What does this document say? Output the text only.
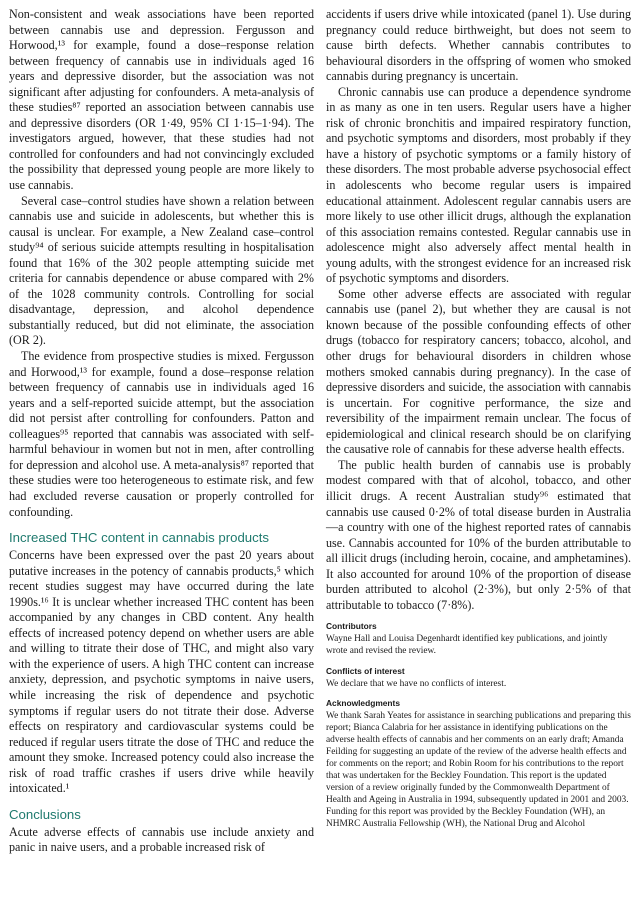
Non-consistent and weak associations have been reported between cannabis use and depression. Fergusson and Horwood,¹³ for example, found a dose–response relation between frequency of cannabis use in individuals aged 16 years and depressive disorder, but the association was not significant after adjusting for confounders. A meta-analysis of these studies⁸⁷ reported an association between cannabis use and depressive disorders (OR 1·49, 95% CI 1·15–1·94). The investigators argued, however, that these studies had not controlled for confounders and had not convincingly excluded the possibility that depressed young people are more likely to use cannabis.

Several case–control studies have shown a relation between cannabis use and suicide in adolescents, but whether this is causal is unclear. For example, a New Zealand case–control study⁹⁴ of serious suicide attempts resulting in hospitalisation found that 16% of the 302 people attempting suicide met criteria for cannabis dependence or abuse compared with 2% of the 1028 community controls. Controlling for social disadvantage, depression, and alcohol dependence substantially reduced, but did not eliminate, the association (OR 2).

The evidence from prospective studies is mixed. Fergusson and Horwood,¹³ for example, found a dose–response relation between frequency of cannabis use in individuals aged 16 years and a self-reported suicide attempt, but the association did not persist after controlling for confounders. Patton and colleagues⁹⁵ reported that cannabis was associated with self-harmful behaviour in women but not in men, after controlling for depression and alcohol use. A meta-analysis⁸⁷ reported that these studies were too heterogeneous to estimate risk, and few had excluded reverse causation or properly controlled for confounding.

Increased THC content in cannabis products

Concerns have been expressed over the past 20 years about putative increases in the potency of cannabis products,⁵ which recent studies suggest may have occurred during the late 1990s.¹⁶ It is unclear whether increased THC content has been accompanied by any changes in CBD content. Any health effects of increased potency depend on whether users are able and willing to titrate their dose of THC, and might also vary with the experience of users. A high THC content can increase anxiety, depression, and psychotic symptoms in naive users, while increasing the risk of dependence and psychotic symptoms if regular users do not titrate their dose. Adverse effects on respiratory and cardiovascular systems could be reduced if regular users titrate the dose of THC and reduce the amount they smoke. Increased potency could also increase the risk of road traffic crashes if users drive while heavily intoxicated.¹

Conclusions

Acute adverse effects of cannabis use include anxiety and panic in naive users, and a probable increased risk of

accidents if users drive while intoxicated (panel 1). Use during pregnancy could reduce birthweight, but does not seem to cause birth defects. Whether cannabis contributes to behavioural disorders in the offspring of women who smoked cannabis during pregnancy is uncertain.

Chronic cannabis use can produce a dependence syndrome in as many as one in ten users. Regular users have a higher risk of chronic bronchitis and impaired respiratory function, and psychotic symptoms and disorders, most probably if they have a history of psychotic symptoms or a family history of these disorders. The most probable adverse psychosocial effect in adolescents who become regular users is impaired educational attainment. Adolescent regular cannabis users are more likely to use other illicit drugs, although the explanation of this association remains contested. Regular cannabis use in adolescence might also adversely affect mental health in young adults, with the strongest evidence for an increased risk of psychotic symptoms and disorders.

Some other adverse effects are associated with regular cannabis use (panel 2), but whether they are causal is not known because of the possible confounding effects of other drugs (tobacco for respiratory cancers; tobacco, alcohol, and other drugs for behavioural disorders in children whose mothers smoked cannabis during pregnancy). In the case of depressive disorders and suicide, the association with cannabis is uncertain. For cognitive performance, the size and reversibility of the impairment remain unclear. The focus of epidemiological and clinical research should be on clarifying the causative role of cannabis for these adverse health effects.

The public health burden of cannabis use is probably modest compared with that of alcohol, tobacco, and other illicit drugs. A recent Australian study⁹⁶ estimated that cannabis use caused 0·2% of total disease burden in Australia—a country with one of the highest reported rates of cannabis use. Cannabis accounted for 10% of the burden attributable to all illicit drugs (including heroin, cocaine, and amphetamines). It also accounted for around 10% of the proportion of disease burden attributed to alcohol (2·3%), but only 2·5% of that attributable to tobacco (7·8%).

Contributors

Wayne Hall and Louisa Degenhardt identified key publications, and jointly wrote and revised the review.

Conflicts of interest

We declare that we have no conflicts of interest.

Acknowledgments

We thank Sarah Yeates for assistance in searching publications and preparing this report; Bianca Calabria for her assistance in identifying publications on the adverse health effects of cannabis and her comments on an early draft; Amanda Feilding for suggesting an update of the review of the adverse health effects and for comments on the report; and Robin Room for his contributions to the report that was undertaken for the Beckley Foundation. This report is the updated version of a review originally funded by the Commonwealth Department of Health and Ageing in Australia in 1994, subsequently updated in 2001 and 2003. Funding for this report was provided by the Beckley Foundation (WH), an NHMRC Australia Fellowship (WH), the National Drug and Alcohol
